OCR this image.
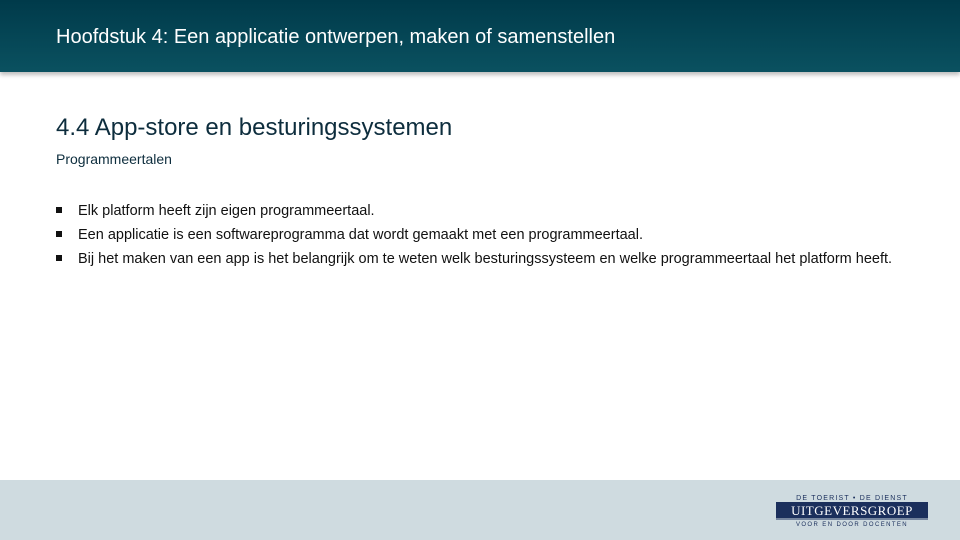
Hoofdstuk 4: Een applicatie ontwerpen, maken of samenstellen
4.4 App-store en besturingssystemen
Programmeertalen
Elk platform heeft zijn eigen programmeertaal.
Een applicatie is een softwareprogramma dat wordt gemaakt met een programmeertaal.
Bij het maken van een app is het belangrijk om te weten welk besturingssysteem en welke programmeertaal het platform heeft.
DE TOERIST • DE DIENST
UITGEVERSGROEP
VOOR EN DOOR DOCENTEN
